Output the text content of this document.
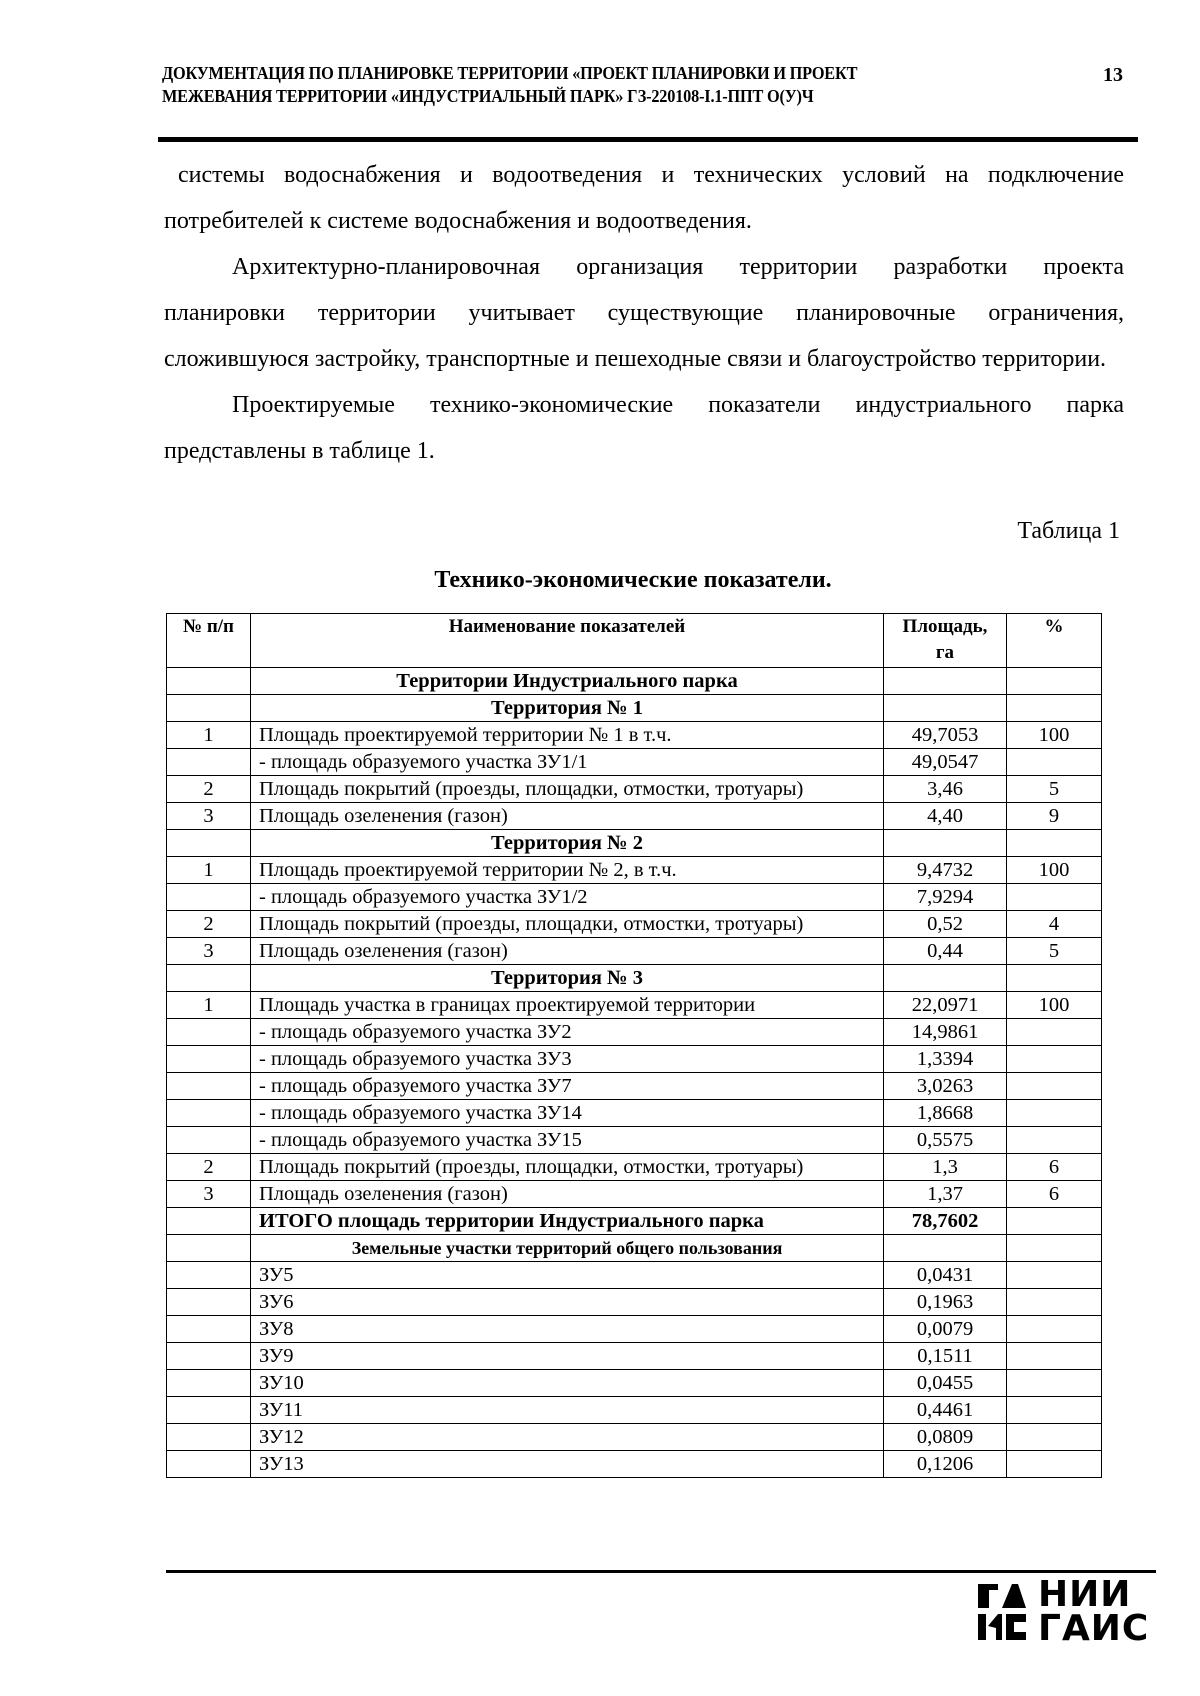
ДОКУМЕНТАЦИЯ ПО ПЛАНИРОВКЕ ТЕРРИТОРИИ «ПРОЕКТ ПЛАНИРОВКИ И ПРОЕКТ
МЕЖЕВАНИЯ ТЕРРИТОРИИ «ИНДУСТРИАЛЬНЫЙ ПАРК» ГЗ-220108-I.1-ППТ О(У)Ч
13

системы водоснабжения и водоотведения и технических условий на подключение потребителей к системе водоснабжения и водоотведения.

Архитектурно-планировочная организация территории разработки проекта планировки территории учитывает существующие планировочные ограничения, сложившуюся застройку, транспортные и пешеходные связи и благоустройство территории.

Проектируемые технико-экономические показатели индустриального парка представлены в таблице 1.

Таблица 1
Технико-экономические показатели.
№ п/п	Наименование показателей	Площадь, га	%
	Территории Индустриального парка		
	Территория № 1		
1	Площадь проектируемой территории № 1 в т.ч.	49,7053	100
	- площадь образуемого участка ЗУ1/1	49,0547	
2	Площадь покрытий (проезды, площадки, отмостки, тротуары)	3,46	5
3	Площадь озеленения (газон)	4,40	9
	Территория № 2		
1	Площадь проектируемой территории № 2, в т.ч.	9,4732	100
	- площадь образуемого участка ЗУ1/2	7,9294	
2	Площадь покрытий (проезды, площадки, отмостки, тротуары)	0,52	4
3	Площадь озеленения (газон)	0,44	5
	Территория № 3		
1	Площадь участка в границах проектируемой территории	22,0971	100
	- площадь образуемого участка ЗУ2	14,9861	
	- площадь образуемого участка ЗУ3	1,3394	
	- площадь образуемого участка ЗУ7	3,0263	
	- площадь образуемого участка ЗУ14	1,8668	
	- площадь образуемого участка ЗУ15	0,5575	
2	Площадь покрытий (проезды, площадки, отмостки, тротуары)	1,3	6
3	Площадь озеленения (газон)	1,37	6
	ИТОГО площадь территории Индустриального парка	78,7602	
	Земельные участки территорий общего пользования		
	ЗУ5	0,0431	
	ЗУ6	0,1963	
	ЗУ8	0,0079	
	ЗУ9	0,1511	
	ЗУ10	0,0455	
	ЗУ11	0,4461	
	ЗУ12	0,0809	
	ЗУ13	0,1206	
НИИ
ГАИС
